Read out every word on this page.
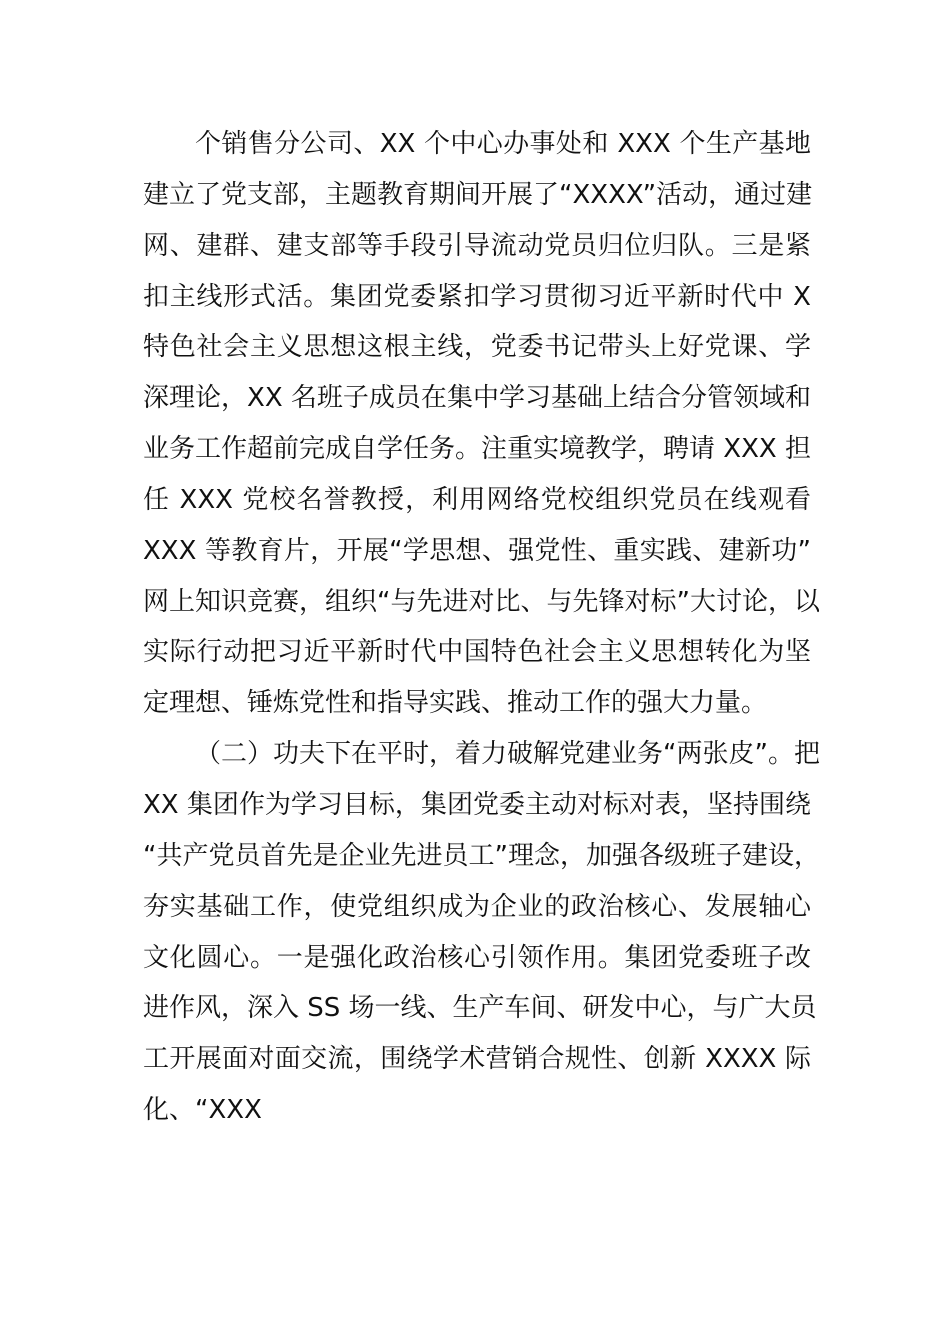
个销售分公司、XX 个中心办事处和 XXX 个生产基地
建立了党支部，主题教育期间开展了“XXXX”活动，通过建
网、建群、建支部等手段引导流动党员归位归队。三是紧
扣主线形式活。集团党委紧扣学习贯彻习近平新时代中 X
特色社会主义思想这根主线，党委书记带头上好党课、学
深理论，XX 名班子成员在集中学习基础上结合分管领域和
业务工作超前完成自学任务。注重实境教学，聘请 XXX 担
任 XXX 党校名誉教授，利用网络党校组织党员在线观看
XXX 等教育片，开展“学思想、强党性、重实践、建新功”
网上知识竞赛，组织“与先进对比、与先锋对标”大讨论，以
实际行动把习近平新时代中国特色社会主义思想转化为坚
定理想、锤炼党性和指导实践、推动工作的强大力量。
（二）功夫下在平时，着力破解党建业务“两张皮”。把
XX 集团作为学习目标，集团党委主动对标对表，坚持围绕
“共产党员首先是企业先进员工”理念，加强各级班子建设，
夯实基础工作，使党组织成为企业的政治核心、发展轴心
文化圆心。一是强化政治核心引领作用。集团党委班子改
进作风，深入 SS 场一线、生产车间、研发中心，与广大员
工开展面对面交流，围绕学术营销合规性、创新 XXXX 际
化、“XXX
